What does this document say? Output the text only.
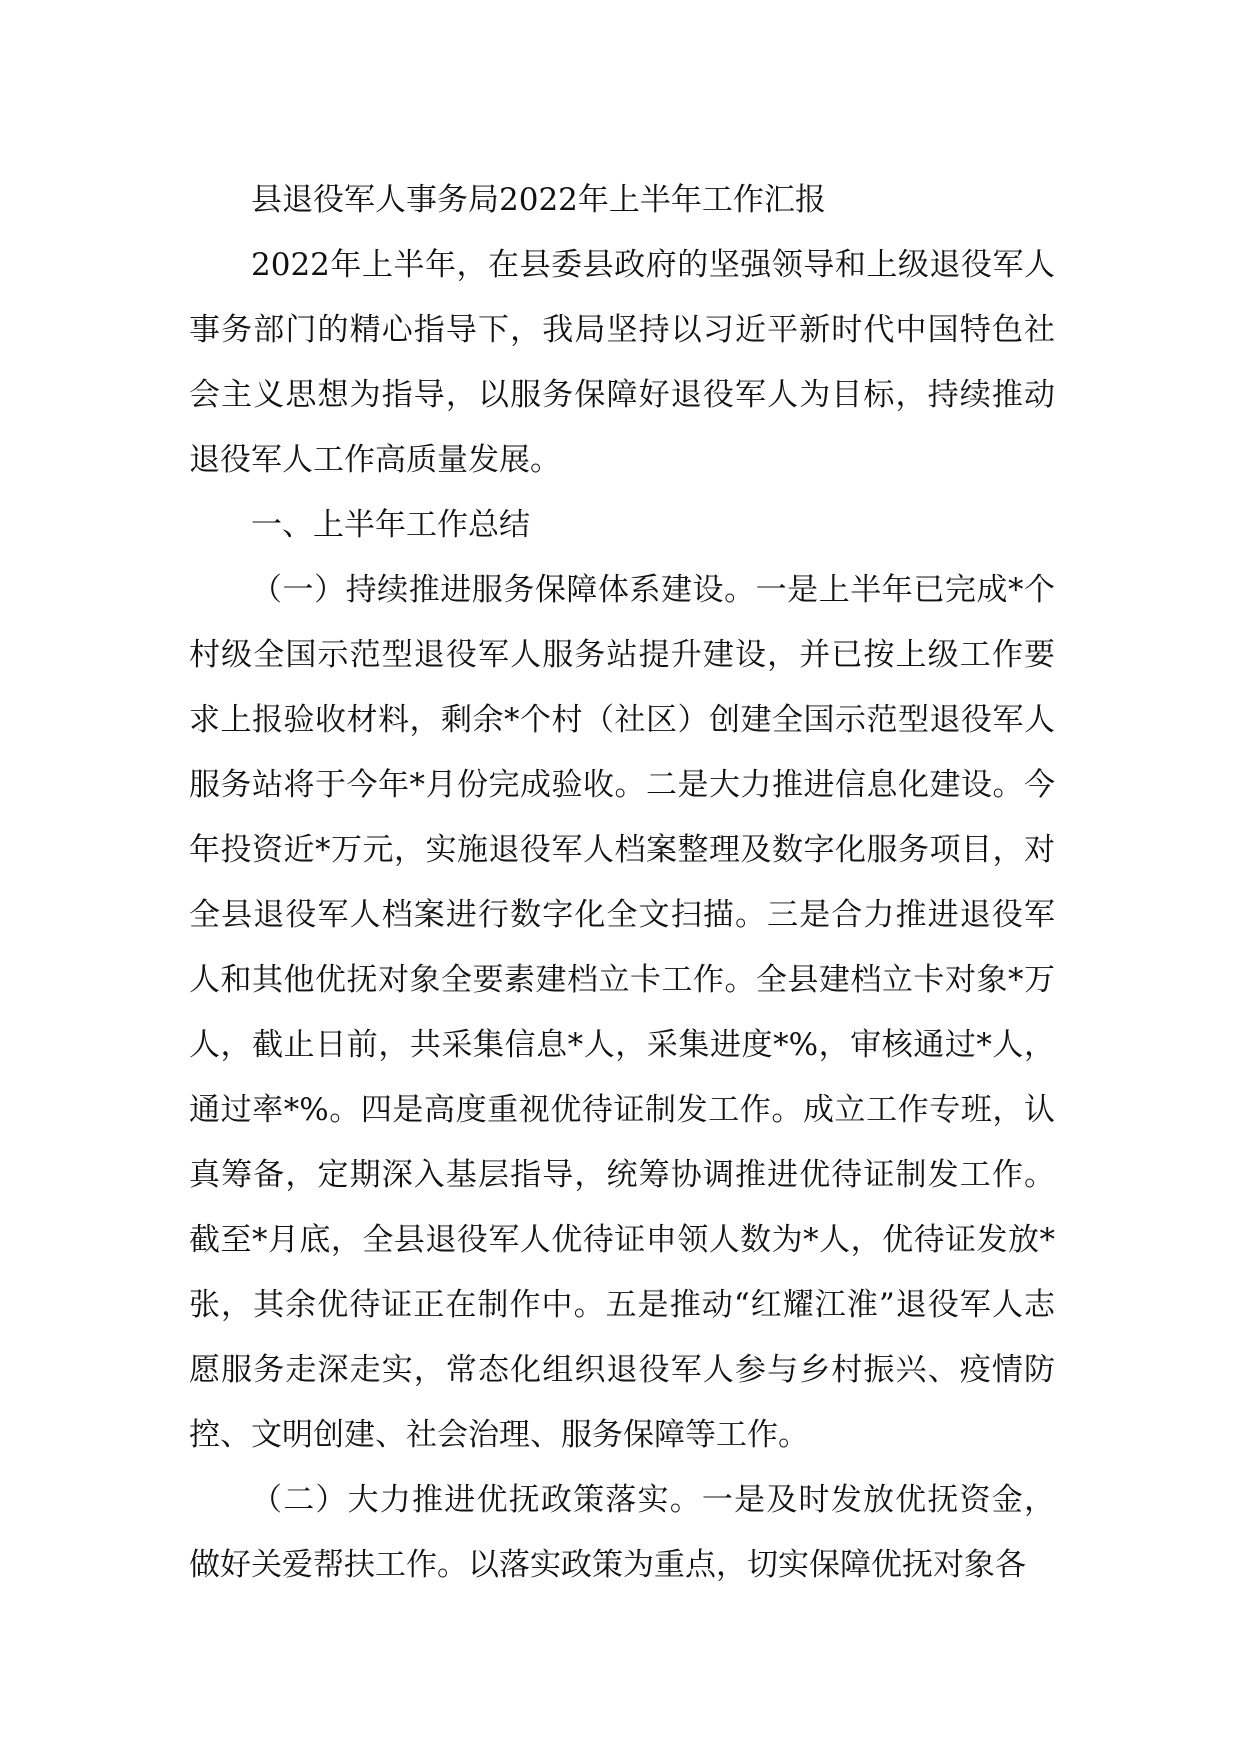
县退役军人事务局2022年上半年工作汇报

2022年上半年，在县委县政府的坚强领导和上级退役军人事务部门的精心指导下，我局坚持以习近平新时代中国特色社会主义思想为指导，以服务保障好退役军人为目标，持续推动退役军人工作高质量发展。

一、上半年工作总结

（一）持续推进服务保障体系建设。一是上半年已完成*个村级全国示范型退役军人服务站提升建设，并已按上级工作要求上报验收材料，剩余*个村（社区）创建全国示范型退役军人服务站将于今年*月份完成验收。二是大力推进信息化建设。今年投资近*万元，实施退役军人档案整理及数字化服务项目，对全县退役军人档案进行数字化全文扫描。三是合力推进退役军人和其他优抚对象全要素建档立卡工作。全县建档立卡对象*万人，截止日前，共采集信息*人，采集进度*%，审核通过*人，通过率*%。四是高度重视优待证制发工作。成立工作专班，认真筹备，定期深入基层指导，统筹协调推进优待证制发工作。截至*月底，全县退役军人优待证申领人数为*人，优待证发放*张，其余优待证正在制作中。五是推动“红耀江淮”退役军人志愿服务走深走实，常态化组织退役军人参与乡村振兴、疫情防控、文明创建、社会治理、服务保障等工作。

（二）大力推进优抚政策落实。一是及时发放优抚资金，做好关爱帮扶工作。以落实政策为重点，切实保障优抚对象各
